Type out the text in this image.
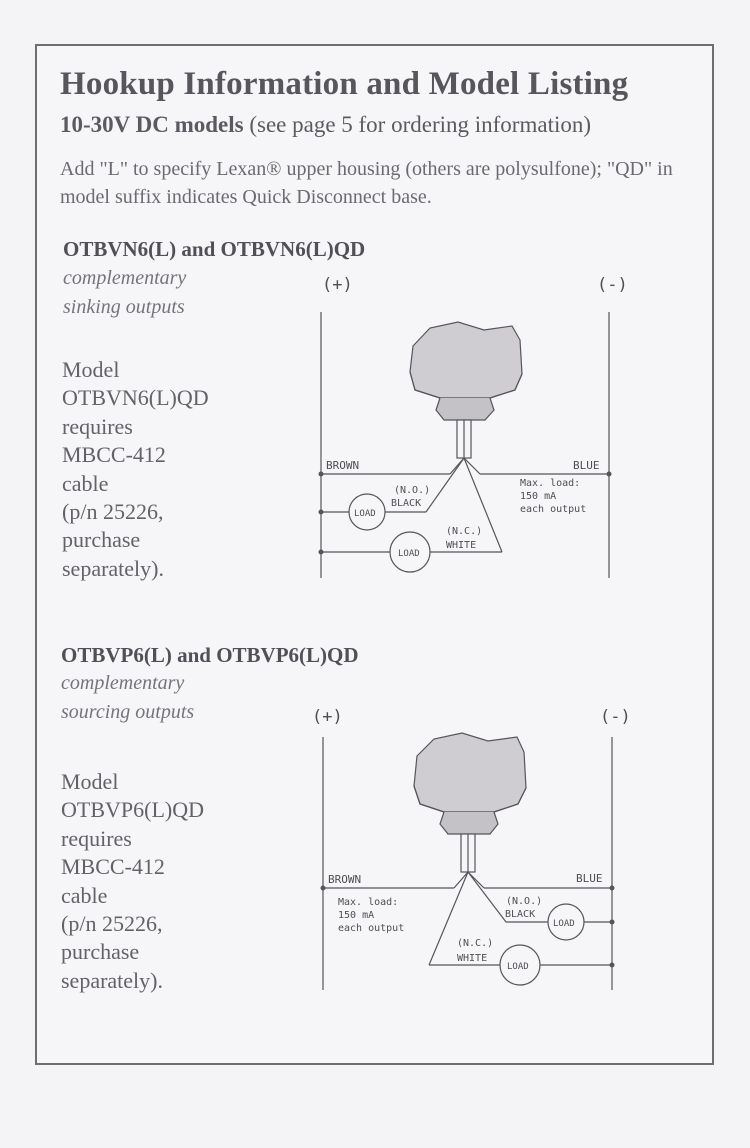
Hookup Information and Model Listing
10-30V DC models (see page 5 for ordering information)
Add "L" to specify Lexan® upper housing (others are polysulfone); "QD" in model suffix indicates Quick Disconnect base.
OTBVN6(L) and OTBVN6(L)QD
complementary
sinking outputs
Model
OTBVN6(L)QD
requires
MBCC-412
cable
(p/n 25226,
purchase
separately).
(+)	(-)
BROWN	BLUE
(N.O.)
BLACK
(N.C.)
WHITE
LOAD
LOAD
Max. load:
150 mA
each output
OTBVP6(L) and OTBVP6(L)QD
complementary
sourcing outputs
Model
OTBVP6(L)QD
requires
MBCC-412
cable
(p/n 25226,
purchase
separately).
(+)	(-)
BROWN	BLUE
(N.O.)
BLACK
(N.C.)
WHITE
LOAD
LOAD
Max. load:
150 mA
each output
